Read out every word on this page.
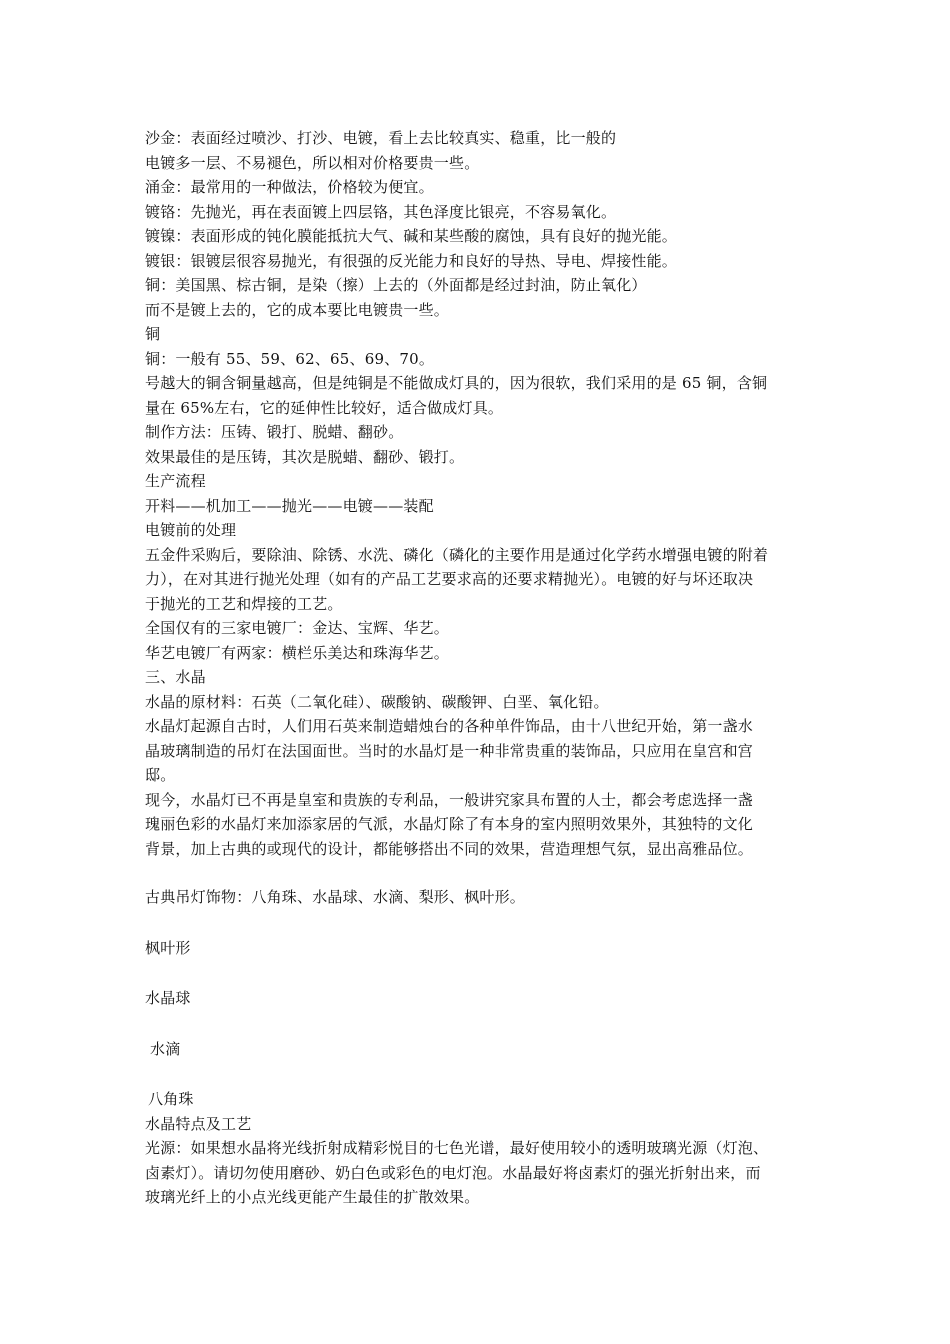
沙金：表面经过喷沙、打沙、电镀，看上去比较真实、稳重，比一般的
电镀多一层、不易褪色，所以相对价格要贵一些。
涌金：最常用的一种做法，价格较为便宜。
镀铬：先抛光，再在表面镀上四层铬，其色泽度比银亮，不容易氧化。
镀镍：表面形成的钝化膜能抵抗大气、碱和某些酸的腐蚀，具有良好的抛光能。
镀银：银镀层很容易抛光，有很强的反光能力和良好的导热、导电、焊接性能。
铜：美国黑、棕古铜，是染（擦）上去的（外面都是经过封油，防止氧化）
而不是镀上去的，它的成本要比电镀贵一些。
铜
铜：一般有 55、59、62、65、69、70。
号越大的铜含铜量越高，但是纯铜是不能做成灯具的，因为很软，我们采用的是 65 铜，含铜
量在 65%左右，它的延伸性比较好，适合做成灯具。
制作方法：压铸、锻打、脱蜡、翻砂。
效果最佳的是压铸，其次是脱蜡、翻砂、锻打。
生产流程
开料——机加工——抛光——电镀——装配
电镀前的处理
五金件采购后，要除油、除锈、水洗、磷化（磷化的主要作用是通过化学药水增强电镀的附着
力），在对其进行抛光处理（如有的产品工艺要求高的还要求精抛光）。电镀的好与坏还取决
于抛光的工艺和焊接的工艺。
全国仅有的三家电镀厂：金达、宝辉、华艺。
华艺电镀厂有两家：横栏乐美达和珠海华艺。
三、水晶
水晶的原材料：石英（二氧化硅）、碳酸钠、碳酸钾、白垩、氧化铅。
水晶灯起源自古时，人们用石英来制造蜡烛台的各种单件饰品，由十八世纪开始，第一盏水
晶玻璃制造的吊灯在法国面世。当时的水晶灯是一种非常贵重的装饰品，只应用在皇宫和宫
邸。
现今，水晶灯已不再是皇室和贵族的专利品，一般讲究家具布置的人士，都会考虑选择一盏
瑰丽色彩的水晶灯来加添家居的气派，水晶灯除了有本身的室内照明效果外，其独特的文化
背景，加上古典的或现代的设计，都能够搭出不同的效果，营造理想气氛，显出高雅品位。
古典吊灯饰物：八角珠、水晶球、水滴、梨形、枫叶形。
枫叶形
水晶球
水滴
八角珠
水晶特点及工艺
光源：如果想水晶将光线折射成精彩悦目的七色光谱，最好使用较小的透明玻璃光源（灯泡、
卤素灯）。请切勿使用磨砂、奶白色或彩色的电灯泡。水晶最好将卤素灯的强光折射出来，而
玻璃光纤上的小点光线更能产生最佳的扩散效果。
